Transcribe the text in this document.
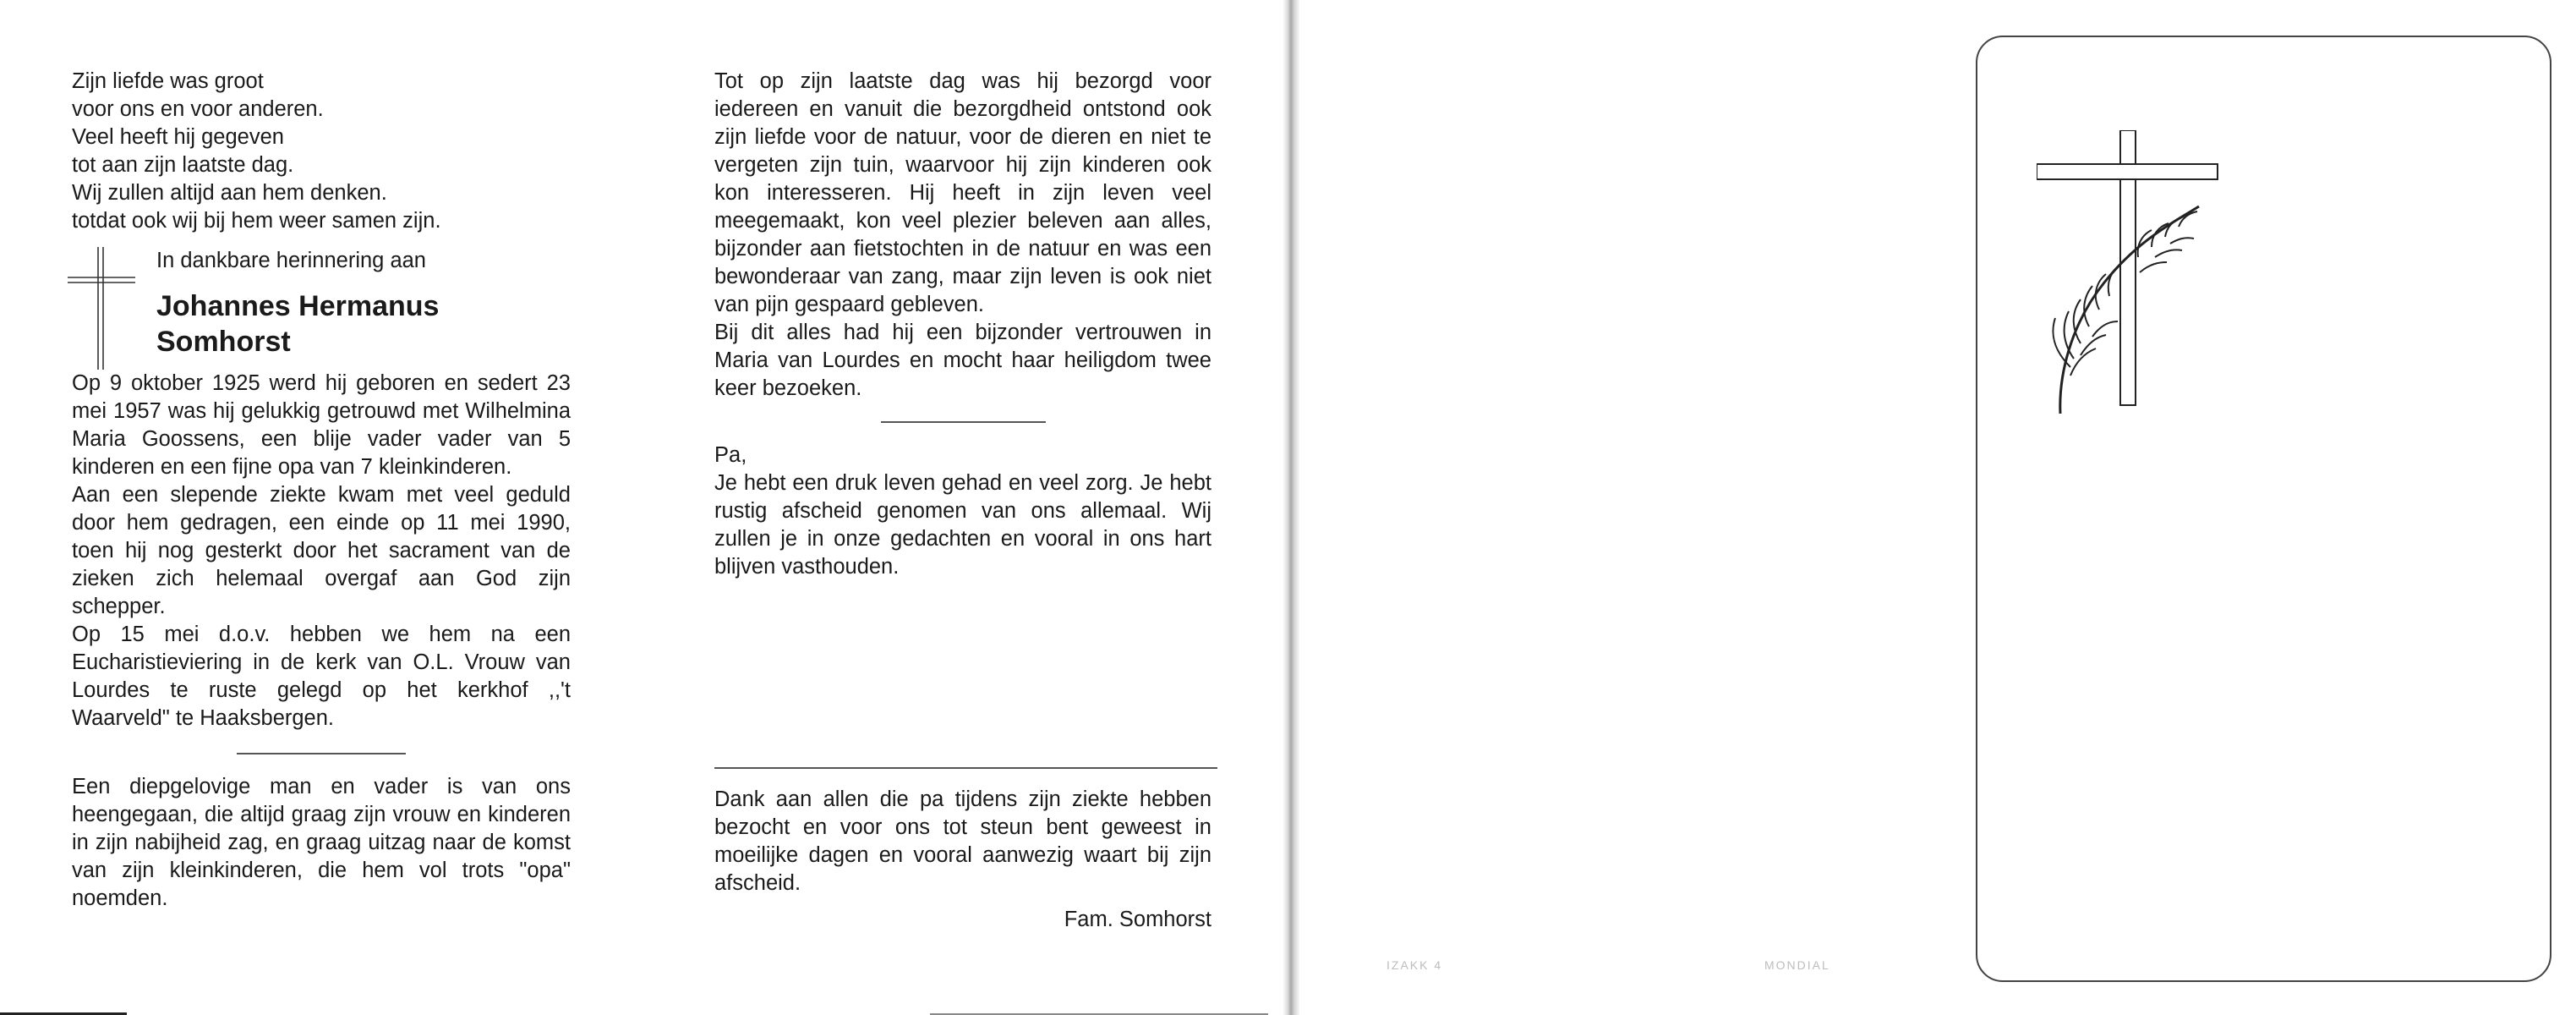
Zijn liefde was groot
voor ons en voor anderen.
Veel heeft hij gegeven
tot aan zijn laatste dag.
Wij zullen altijd aan hem denken.
totdat ook wij bij hem weer samen zijn.
In dankbare herinnering aan
Johannes Hermanus
Somhorst

Op 9 oktober 1925 werd hij geboren en sedert 23 mei 1957 was hij gelukkig getrouwd met Wilhelmina Maria Goossens, een blije vader vader van 5 kinderen en een fijne opa van 7 kleinkinderen.

Aan een slepende ziekte kwam met veel geduld door hem gedragen, een einde op 11 mei 1990, toen hij nog gesterkt door het sacrament van de zieken zich helemaal overgaf aan God zijn schepper.

Op 15 mei d.o.v. hebben we hem na een Eucharistieviering in de kerk van O.L. Vrouw van Lourdes te ruste gelegd op het kerkhof ,,'t Waarveld" te Haaksbergen.

Een diepgelovige man en vader is van ons heengegaan, die altijd graag zijn vrouw en kinderen in zijn nabijheid zag, en graag uitzag naar de komst van zijn kleinkinderen, die hem vol trots "opa" noemden.

Tot op zijn laatste dag was hij bezorgd voor iedereen en vanuit die bezorgdheid ontstond ook zijn liefde voor de natuur, voor de dieren en niet te vergeten zijn tuin, waarvoor hij zijn kinderen ook kon interesseren. Hij heeft in zijn leven veel meegemaakt, kon veel plezier beleven aan alles, bijzonder aan fietstochten in de natuur en was een bewonderaar van zang, maar zijn leven is ook niet van pijn gespaard gebleven.

Bij dit alles had hij een bijzonder vertrouwen in Maria van Lourdes en mocht haar heiligdom twee keer bezoeken.

Pa,

Je hebt een druk leven gehad en veel zorg. Je hebt rustig afscheid genomen van ons allemaal. Wij zullen je in onze gedachten en vooral in ons hart blijven vasthouden.

Dank aan allen die pa tijdens zijn ziekte hebben bezocht en voor ons tot steun bent geweest in moeilijke dagen en vooral aanwezig waart bij zijn afscheid.

Fam. Somhorst

IZAKK 4	MONDIAL
